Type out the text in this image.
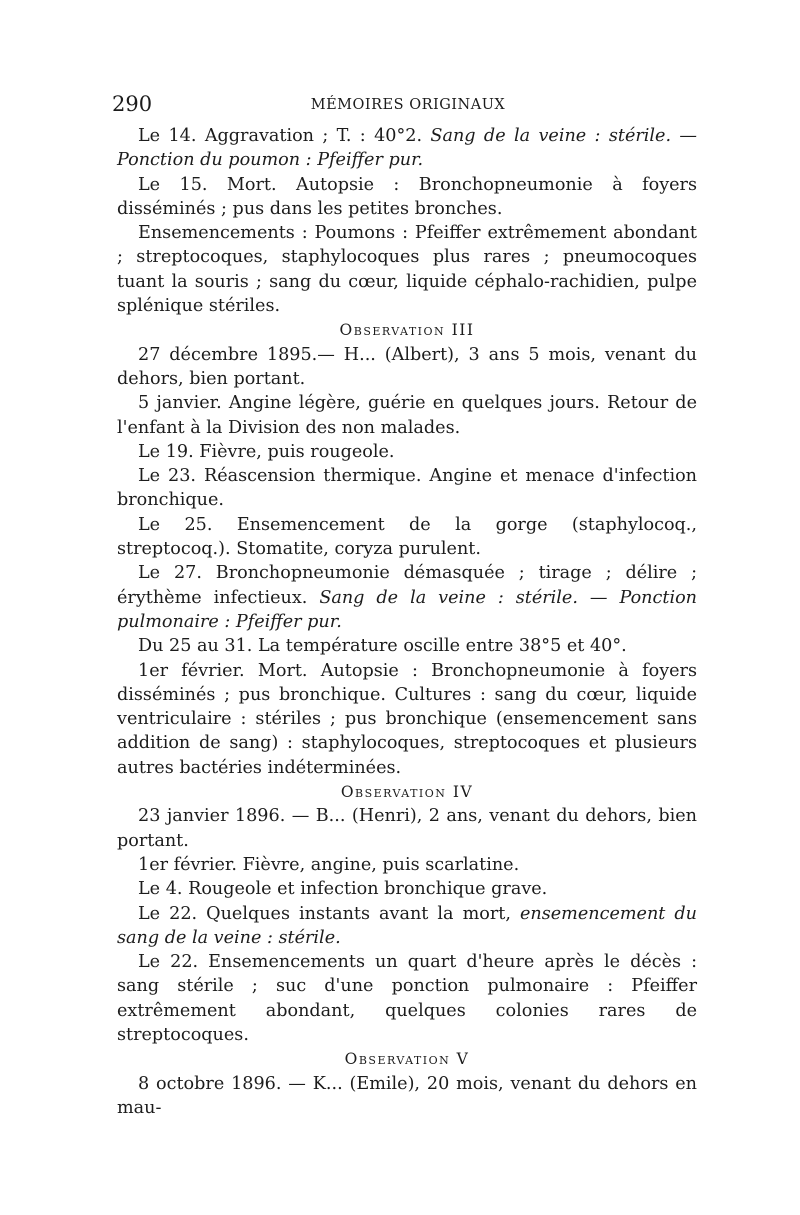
290	MÉMOIRES ORIGINAUX

Le 14. Aggravation ; T. : 40°2. Sang de la veine : stérile. — Ponction du poumon : Pfeiffer pur.

Le 15. Mort. Autopsie : Bronchopneumonie à foyers disséminés ; pus dans les petites bronches.

Ensemencements : Poumons : Pfeiffer extrêmement abondant ; streptocoques, staphylocoques plus rares ; pneumocoques tuant la souris ; sang du cœur, liquide céphalo-rachidien, pulpe splénique stériles.

Observation III

27 décembre 1895.— H... (Albert), 3 ans 5 mois, venant du dehors, bien portant.

5 janvier. Angine légère, guérie en quelques jours. Retour de l'enfant à la Division des non malades.

Le 19. Fièvre, puis rougeole.

Le 23. Réascension thermique. Angine et menace d'infection bronchique.

Le 25. Ensemencement de la gorge (staphylocoq., streptocoq.). Stomatite, coryza purulent.

Le 27. Bronchopneumonie démasquée ; tirage ; délire ; érythème infectieux. Sang de la veine : stérile. — Ponction pulmonaire : Pfeiffer pur.

Du 25 au 31. La température oscille entre 38°5 et 40°.

1er février. Mort. Autopsie : Bronchopneumonie à foyers disséminés ; pus bronchique. Cultures : sang du cœur, liquide ventriculaire : stériles ; pus bronchique (ensemencement sans addition de sang) : staphylocoques, streptocoques et plusieurs autres bactéries indéterminées.

Observation IV

23 janvier 1896. — B... (Henri), 2 ans, venant du dehors, bien portant.

1er février. Fièvre, angine, puis scarlatine.

Le 4. Rougeole et infection bronchique grave.

Le 22. Quelques instants avant la mort, ensemencement du sang de la veine : stérile.

Le 22. Ensemencements un quart d'heure après le décès : sang stérile ; suc d'une ponction pulmonaire : Pfeiffer extrêmement abondant, quelques colonies rares de streptocoques.

Observation V

8 octobre 1896. — K... (Emile), 20 mois, venant du dehors en mau-
